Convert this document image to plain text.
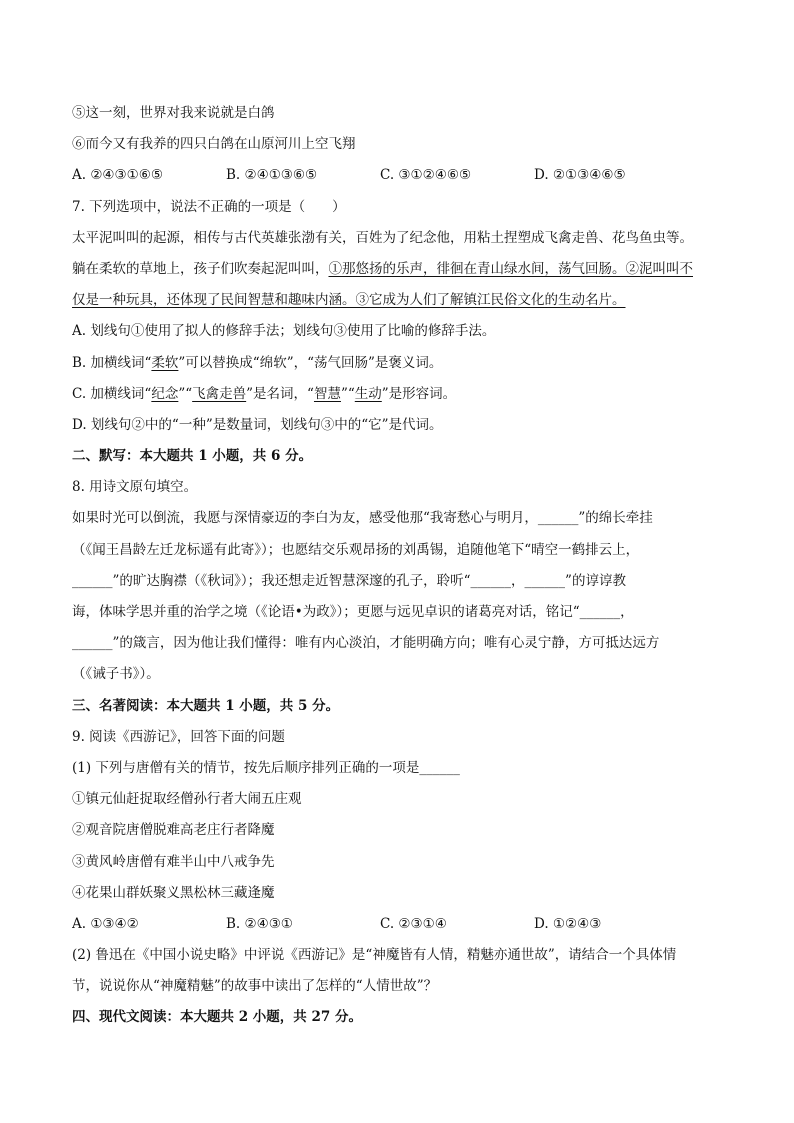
⑤这一刻，世界对我来说就是白鸽
⑥而今又有我养的四只白鸽在山原河川上空飞翔
A. ②④③①⑥⑤	B. ②④①③⑥⑤	C. ③①②④⑥⑤	D. ②①③④⑥⑤
7. 下列选项中，说法不正确的一项是（　　）
太平泥叫叫的起源，相传与古代英雄张渤有关，百姓为了纪念他，用粘土捏塑成飞禽走兽、花鸟鱼虫等。
躺在柔软的草地上，孩子们吹奏起泥叫叫，①那悠扬的乐声，徘徊在青山绿水间，荡气回肠。②泥叫叫不
仅是一种玩具，还体现了民间智慧和趣味内涵。③它成为人们了解镇江民俗文化的生动名片。
A. 划线句①使用了拟人的修辞手法；划线句③使用了比喻的修辞手法。
B. 加横线词“柔软”可以替换成“绵软”，“荡气回肠”是褒义词。
C. 加横线词“纪念”“飞禽走兽”是名词，“智慧”“生动”是形容词。
D. 划线句②中的“一种”是数量词，划线句③中的“它”是代词。
二、默写：本大题共 1 小题，共 6 分。
8. 用诗文原句填空。
如果时光可以倒流，我愿与深情豪迈的李白为友，感受他那“我寄愁心与明月，______”的绵长牵挂
（《闻王昌龄左迁龙标遥有此寄》）；也愿结交乐观昂扬的刘禹锡，追随他笔下“晴空一鹤排云上，
______”的旷达胸襟（《秋词》）；我还想走近智慧深邃的孔子，聆听“______，______”的谆谆教
诲，体味学思并重的治学之境（《论语•为政》）；更愿与远见卓识的诸葛亮对话，铭记“______，
______”的箴言，因为他让我们懂得：唯有内心淡泊，才能明确方向；唯有心灵宁静，方可抵达远方
（《诫子书》）。
三、名著阅读：本大题共 1 小题，共 5 分。
9. 阅读《西游记》，回答下面的问题
(1) 下列与唐僧有关的情节，按先后顺序排列正确的一项是______
①镇元仙赶捉取经僧孙行者大闹五庄观
②观音院唐僧脱难高老庄行者降魔
③黄风岭唐僧有难半山中八戒争先
④花果山群妖聚义黑松林三藏逢魔
A. ①③④②	B. ②④③①	C. ②③①④	D. ①②④③
(2) 鲁迅在《中国小说史略》中评说《西游记》是“神魔皆有人情，精魅亦通世故”，请结合一个具体情
节，说说你从“神魔精魅”的故事中读出了怎样的“人情世故”？
四、现代文阅读：本大题共 2 小题，共 27 分。
